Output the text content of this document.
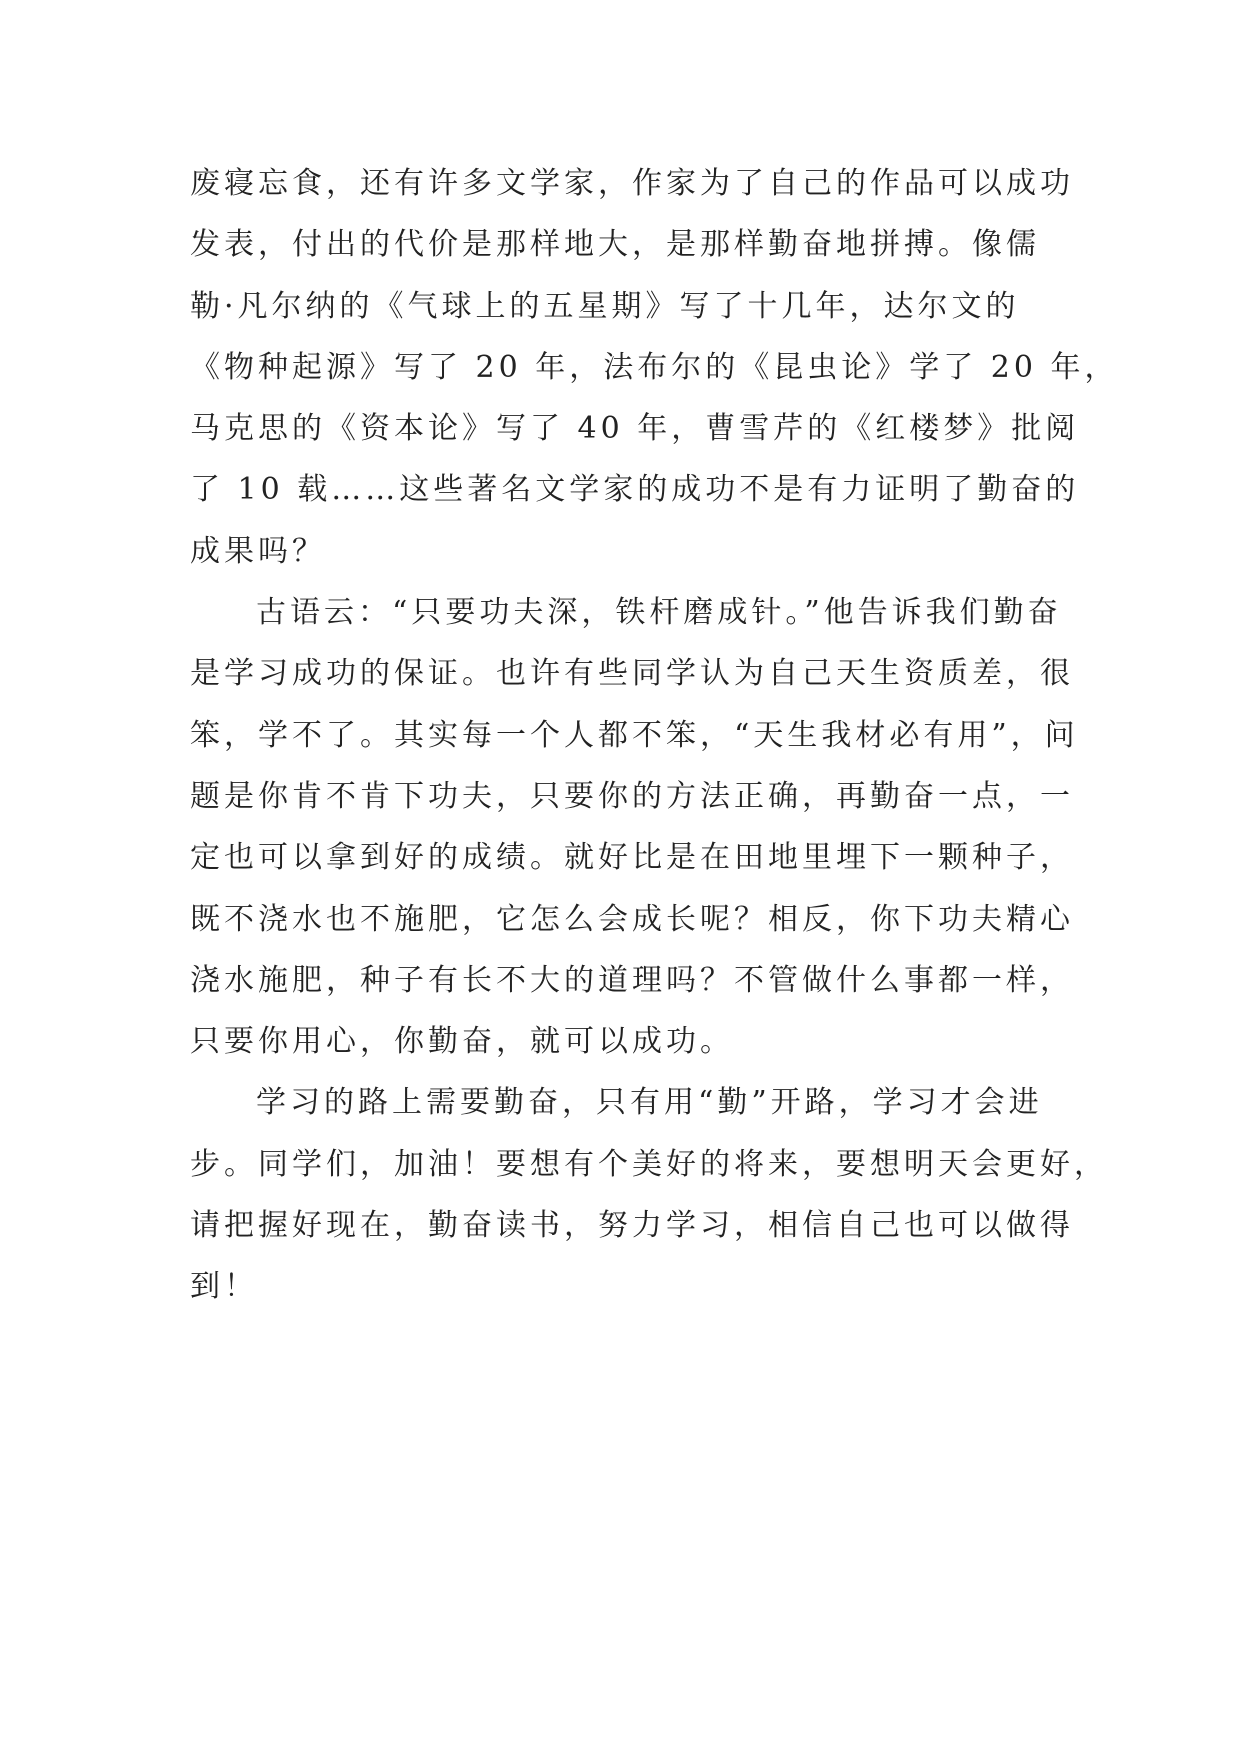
废寝忘食，还有许多文学家，作家为了自己的作品可以成功
发表，付出的代价是那样地大，是那样勤奋地拼搏。像儒
勒·凡尔纳的《气球上的五星期》写了十几年，达尔文的
《物种起源》写了 20 年，法布尔的《昆虫论》学了 20 年，
马克思的《资本论》写了 40 年，曹雪芹的《红楼梦》批阅
了 10 载……这些著名文学家的成功不是有力证明了勤奋的
成果吗？
古语云：“只要功夫深，铁杆磨成针。”他告诉我们勤奋
是学习成功的保证。也许有些同学认为自己天生资质差，很
笨，学不了。其实每一个人都不笨，“天生我材必有用”，问
题是你肯不肯下功夫，只要你的方法正确，再勤奋一点，一
定也可以拿到好的成绩。就好比是在田地里埋下一颗种子，
既不浇水也不施肥，它怎么会成长呢？相反，你下功夫精心
浇水施肥，种子有长不大的道理吗？不管做什么事都一样，
只要你用心，你勤奋，就可以成功。
学习的路上需要勤奋，只有用“勤”开路，学习才会进
步。同学们，加油！要想有个美好的将来，要想明天会更好，
请把握好现在，勤奋读书，努力学习，相信自己也可以做得
到！
